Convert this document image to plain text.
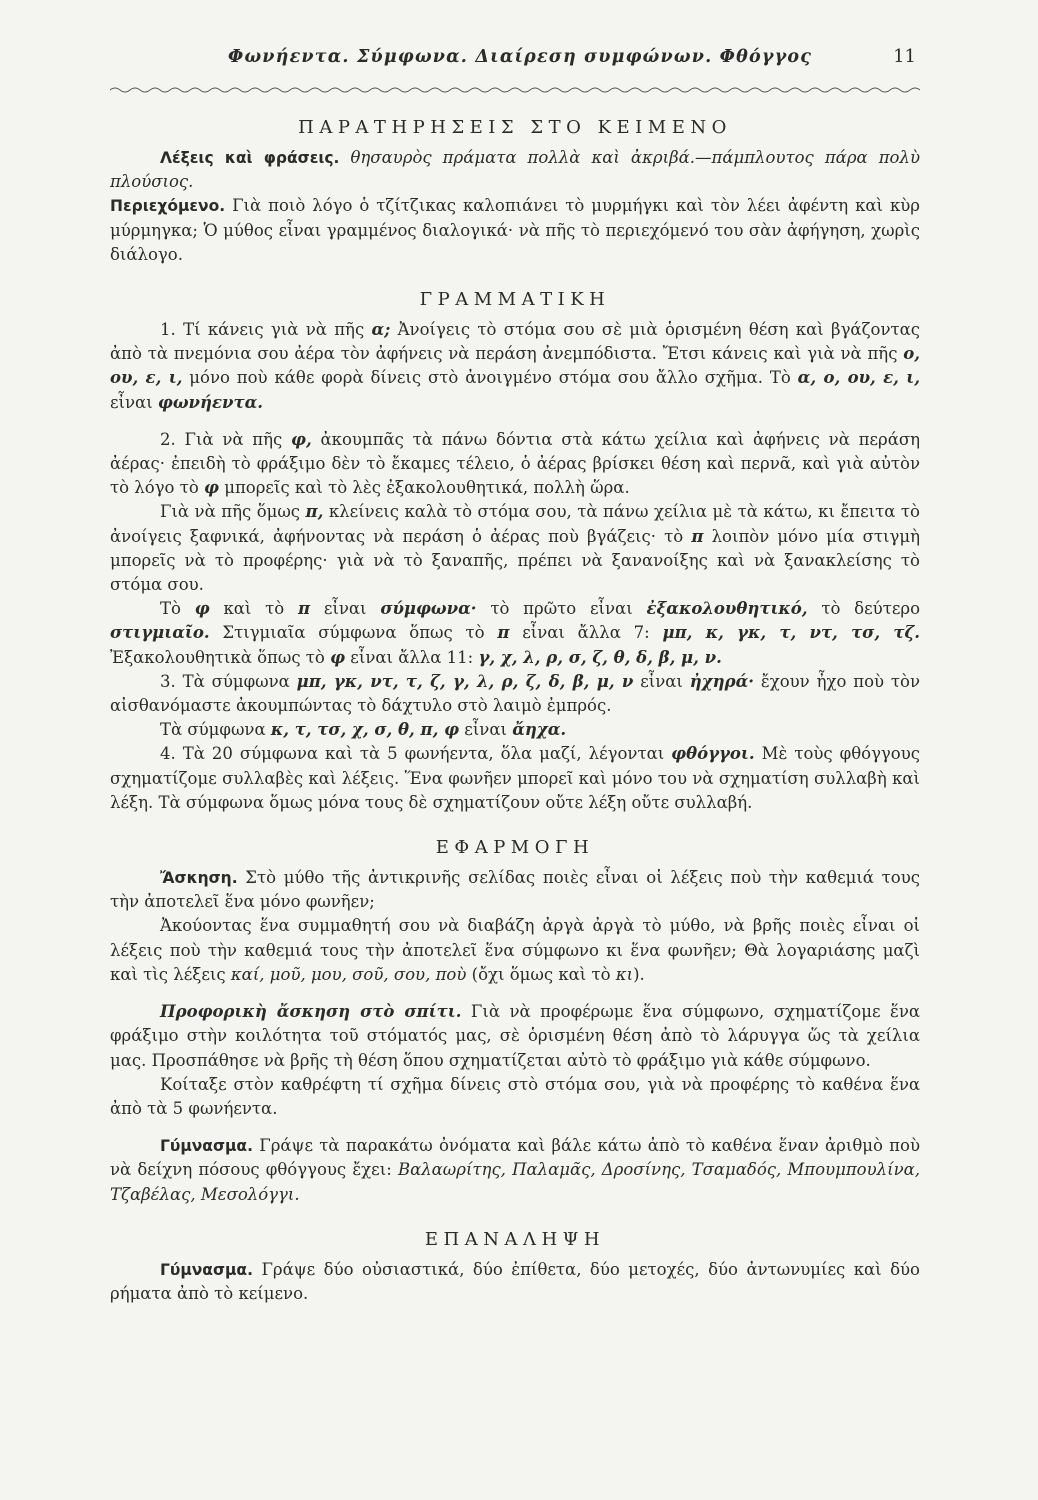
Φωνήεντα. Σύμφωνα. Διαίρεση συμφώνων. Φθόγγος	11
ΠΑΡΑΤΗΡΗΣΕΙΣ ΣΤΟ ΚΕΙΜΕΝΟ

Λέξεις καὶ φράσεις. θησαυρὸς πράματα πολλὰ καὶ ἀκριβά.—πάμπλουτος πάρα πολὺ πλούσιος.

Περιεχόμενο. Γιὰ ποιὸ λόγο ὁ τζίτζικας καλοπιάνει τὸ μυρμήγκι καὶ τὸν λέει ἀφέντη καὶ κὺρ μύρμηγκα; Ὁ μύθος εἶναι γραμμένος διαλογικά· νὰ πῆς τὸ περιεχόμενό του σὰν ἀφήγηση, χωρὶς διάλογο.

ΓΡΑΜΜΑΤΙΚΗ

1. Τί κάνεις γιὰ νὰ πῆς α; Ἀνοίγεις τὸ στόμα σου σὲ μιὰ ὁρισμένη θέση καὶ βγάζοντας ἀπὸ τὰ πνεμόνια σου ἀέρα τὸν ἀφήνεις νὰ περάση ἀνεμπόδιστα. Ἔτσι κάνεις καὶ γιὰ νὰ πῆς ο, ου, ε, ι, μόνο ποὺ κάθε φορὰ δίνεις στὸ ἀνοιγμένο στόμα σου ἄλλο σχῆμα. Τὸ α, ο, ου, ε, ι, εἶναι φωνήεντα.

2. Γιὰ νὰ πῆς φ, ἀκουμπᾶς τὰ πάνω δόντια στὰ κάτω χείλια καὶ ἀφήνεις νὰ περάση ἀέρας· ἐπειδὴ τὸ φράξιμο δὲν τὸ ἔκαμες τέλειο, ὁ ἀέρας βρίσκει θέση καὶ περνᾶ, καὶ γιὰ αὐτὸν τὸ λόγο τὸ φ μπορεῖς καὶ τὸ λὲς ἐξακολουθητικά, πολλὴ ὥρα.

Γιὰ νὰ πῆς ὅμως π, κλείνεις καλὰ τὸ στόμα σου, τὰ πάνω χείλια μὲ τὰ κάτω, κι ἔπειτα τὸ ἀνοίγεις ξαφνικά, ἀφήνοντας νὰ περάση ὁ ἀέρας ποὺ βγάζεις· τὸ π λοιπὸν μόνο μία στιγμὴ μπορεῖς νὰ τὸ προφέρης· γιὰ νὰ τὸ ξαναπῆς, πρέπει νὰ ξανανοίξης καὶ νὰ ξανακλείσης τὸ στόμα σου.

Τὸ φ καὶ τὸ π εἶναι σύμφωνα· τὸ πρῶτο εἶναι ἐξακολουθητικό, τὸ δεύτερο στιγμιαῖο. Στιγμιαῖα σύμφωνα ὅπως τὸ π εἶναι ἄλλα 7: μπ, κ, γκ, τ, ντ, τσ, τζ. Ἐξακολουθητικὰ ὅπως τὸ φ εἶναι ἄλλα 11: γ, χ, λ, ρ, σ, ζ, θ, δ, β, μ, ν.

3. Τὰ σύμφωνα μπ, γκ, ντ, τ, ζ, γ, λ, ρ, ζ, δ, β, μ, ν εἶναι ἠχηρά· ἔχουν ἦχο ποὺ τὸν αἰσθανόμαστε ἀκουμπώντας τὸ δάχτυλο στὸ λαιμὸ ἐμπρός.

Τὰ σύμφωνα κ, τ, τσ, χ, σ, θ, π, φ εἶναι ἄηχα.

4. Τὰ 20 σύμφωνα καὶ τὰ 5 φωνήεντα, ὅλα μαζί, λέγονται φθόγγοι. Μὲ τοὺς φθόγγους σχηματίζομε συλλαβὲς καὶ λέξεις. Ἕνα φωνῆεν μπορεῖ καὶ μόνο του νὰ σχηματίση συλλαβὴ καὶ λέξη. Τὰ σύμφωνα ὅμως μόνα τους δὲ σχηματίζουν οὔτε λέξη οὔτε συλλαβή.

ΕΦΑΡΜΟΓΗ

Ἄσκηση. Στὸ μύθο τῆς ἀντικρινῆς σελίδας ποιὲς εἶναι οἱ λέξεις ποὺ τὴν καθεμιά τους τὴν ἀποτελεῖ ἕνα μόνο φωνῆεν;

Ἀκούοντας ἕνα συμμαθητή σου νὰ διαβάζη ἀργὰ ἀργὰ τὸ μύθο, νὰ βρῆς ποιὲς εἶναι οἱ λέξεις ποὺ τὴν καθεμιά τους τὴν ἀποτελεῖ ἕνα σύμφωνο κι ἕνα φωνῆεν; Θὰ λογαριάσης μαζὶ καὶ τὶς λέξεις καί, μοῦ, μου, σοῦ, σου, ποὺ (ὄχι ὅμως καὶ τὸ κι).

Προφορικὴ ἄσκηση στὸ σπίτι. Γιὰ νὰ προφέρωμε ἕνα σύμφωνο, σχηματίζομε ἕνα φράξιμο στὴν κοιλότητα τοῦ στόματός μας, σὲ ὁρισμένη θέση ἀπὸ τὸ λάρυγγα ὥς τὰ χείλια μας. Προσπάθησε νὰ βρῆς τὴ θέση ὅπου σχηματίζεται αὐτὸ τὸ φράξιμο γιὰ κάθε σύμφωνο.

Κοίταξε στὸν καθρέφτη τί σχῆμα δίνεις στὸ στόμα σου, γιὰ νὰ προφέρης τὸ καθένα ἕνα ἀπὸ τὰ 5 φωνήεντα.

Γύμνασμα. Γράψε τὰ παρακάτω ὀνόματα καὶ βάλε κάτω ἀπὸ τὸ καθένα ἕναν ἀριθμὸ ποὺ νὰ δείχνη πόσους φθόγγους ἔχει: Βαλαωρίτης, Παλαμᾶς, Δροσίνης, Τσαμαδός, Μπουμπουλίνα, Τζαβέλας, Μεσολόγγι.

ΕΠΑΝΑΛΗΨΗ

Γύμνασμα. Γράψε δύο οὐσιαστικά, δύο ἐπίθετα, δύο μετοχές, δύο ἀντωνυμίες καὶ δύο ρήματα ἀπὸ τὸ κείμενο.
